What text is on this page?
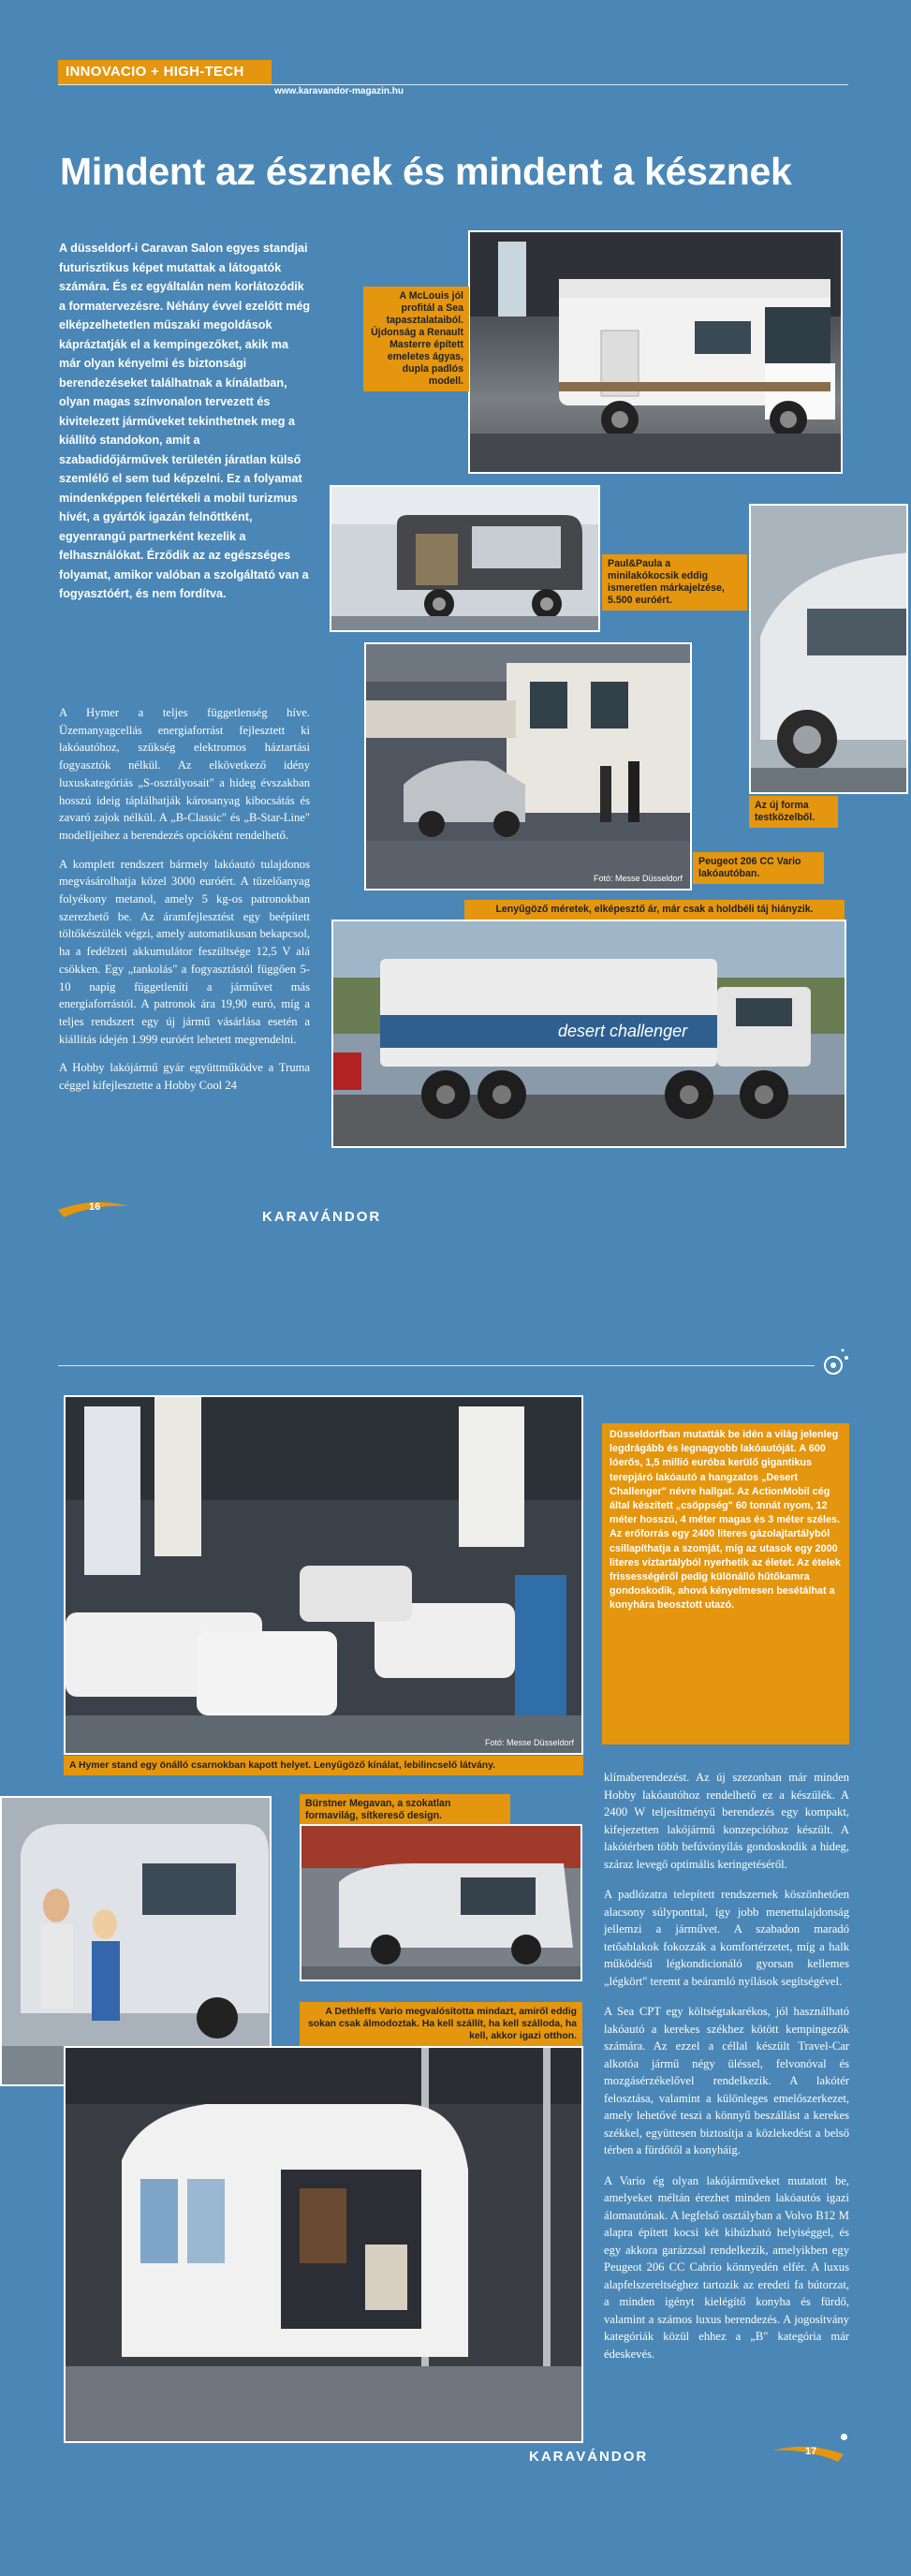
INNOVACIO + HIGH-TECH
www.karavandor-magazin.hu
Mindent az észnek és mindent a késznek
A düsseldorf-i Caravan Salon egyes standjai futurisztikus képet mutattak a látogatók számára. És ez egyáltalán nem korlátozódik a formatervezésre. Néhány évvel ezelőtt még elképzelhetetlen műszaki megoldások kápráztatják el a kempingezőket, akik ma már olyan kényelmi és biztonsági berendezéseket találhatnak a kínálatban, olyan magas színvonalon tervezett és kivitelezett járműveket tekinthetnek meg a kiállító standokon, amit a szabadidőjárművek területén járatlan külső szemlélő el sem tud képzelni. Ez a folyamat mindenképpen felértékeli a mobil turizmus hívét, a gyártók igazán felnőttként, egyenrangú partnerként kezelik a felhasználókat. Érződik az az egészséges folyamat, amikor valóban a szolgáltató van a fogyasztóért, és nem fordítva.

A Hymer a teljes függetlenség híve. Üzemanyagcellás energiaforrást fejlesztett ki lakóautóhoz, szükség elektromos háztartási fogyasztók nélkül. Az elkövetkező idény luxuskategóriás „S-osztályosait" a hideg évszakban hosszú ideig táplálhatják károsanyag kibocsátás és zavaró zajok nélkül. A „B-Classic" és „B-Star-Line" modelljeihez a berendezés opcióként rendelhető.

A komplett rendszert bármely lakóautó tulajdonos megvásárolhatja közel 3000 euróért. A tüzelőanyag folyékony metanol, amely 5 kg-os patronokban szerezhető be. Az áramfejlesztést egy beépített töltőkészülék végzi, amely automatikusan bekapcsol, ha a fedélzeti akkumulátor feszültsége 12,5 V alá csökken. Egy „tankolás" a fogyasztástól függően 5-10 napig függetleníti a járművet más energiaforrástól. A patronok ára 19,90 euró, míg a teljes rendszert egy új jármű vásárlása esetén a kiállítás idején 1.999 euróért lehetett megrendelni.

A Hobby lakójármű gyár együttműködve a Truma céggel kifejlesztette a Hobby Cool 24

A McLouis jól profitál a Sea tapasztalataiból. Újdonság a Renault Masterre épített emeletes ágyas, dupla padlós modell.
Paul&Paula a minilakókocsik eddig ismeretlen márkajelzése, 5.500 euróért.
Az új forma testközelből.
Fotó: Messe Düsseldorf
Peugeot 206 CC Vario lakóautóban.
Lenyűgöző méretek, elképesztő ár, már csak a holdbéli táj hiányzik.
desert challenger
16
KARAVÁNDOR
Fotó: Messe Düsseldorf
Düsseldorfban mutatták be idén a világ jelenleg legdrágább és legnagyobb lakóautóját. A 600 lóerős, 1,5 millió euróba kerülő gigantikus terepjáró lakóautó a hangzatos „Desert Challenger" névre hallgat. Az ActionMobil cég által készített „csöppség" 60 tonnát nyom, 12 méter hosszú, 4 méter magas és 3 méter széles. Az erőforrás egy 2400 literes gázolajtartályból csillapíthatja a szomját, míg az utasok egy 2000 literes víztartályból nyerhetik az életet. Az ételek frissességéről pedig különálló hűtőkamra gondoskodik, ahová kényelmesen besétálhat a konyhára beosztott utazó.
A Hymer stand egy önálló csarnokban kapott helyet. Lenyűgöző kínálat, lebilincselő látvány.
Bürstner Megavan, a szokatlan formavilág, sítkereső design.
A Dethleffs Vario megvalósította mindazt, amiről eddig sokan csak álmodoztak. Ha kell szállít, ha kell szálloda, ha kell, akkor igazi otthon.

klímaberendezést. Az új szezonban már minden Hobby lakóautóhoz rendelhető ez a készülék. A 2400 W teljesítményű berendezés egy kompakt, kifejezetten lakójármű konzepcióhoz készült. A lakótérben több befúvónyílás gondoskodik a hideg, száraz levegő optimális keringetéséről.

A padlózatra telepített rendszernek köszönhetően alacsony súlyponttal, így jobb menettulajdonság jellemzi a járművet. A szabadon maradó tetőablakok fokozzák a komfortérzetet, míg a halk működésű légkondicionáló gyorsan kellemes „légkört" teremt a beáramló nyílások segítségével.

A Sea CPT egy költségtakarékos, jól használható lakóautó a kerekes székhez kötött kempingezők számára. Az ezzel a céllal készült Travel-Car alkotóa jármű négy üléssel, felvonóval és mozgásérzékelővel rendelkezik. A lakótér felosztása, valamint a különleges emelőszerkezet, amely lehetővé teszi a könnyű beszállást a kerekes székkel, együttesen biztosítja a közlekedést a belső térben a fürdőtől a konyháig.

A Vario ég olyan lakójárműveket mutatott be, amelyeket méltán érezhet minden lakóautós igazi álomautónak. A legfelső osztályban a Volvo B12 M alapra épített kocsi két kihúzható helyiséggel, és egy akkora garázzsal rendelkezik, amelyikben egy Peugeot 206 CC Cabrio könnyedén elfér. A luxus alapfelszereltséghez tartozik az eredeti fa bútorzat, a minden igényt kielégítő konyha és fürdő, valamint a számos luxus berendezés. A jogosítvány kategóriák közül ehhez a „B" kategória már édeskevés.

KARAVÁNDOR	17
